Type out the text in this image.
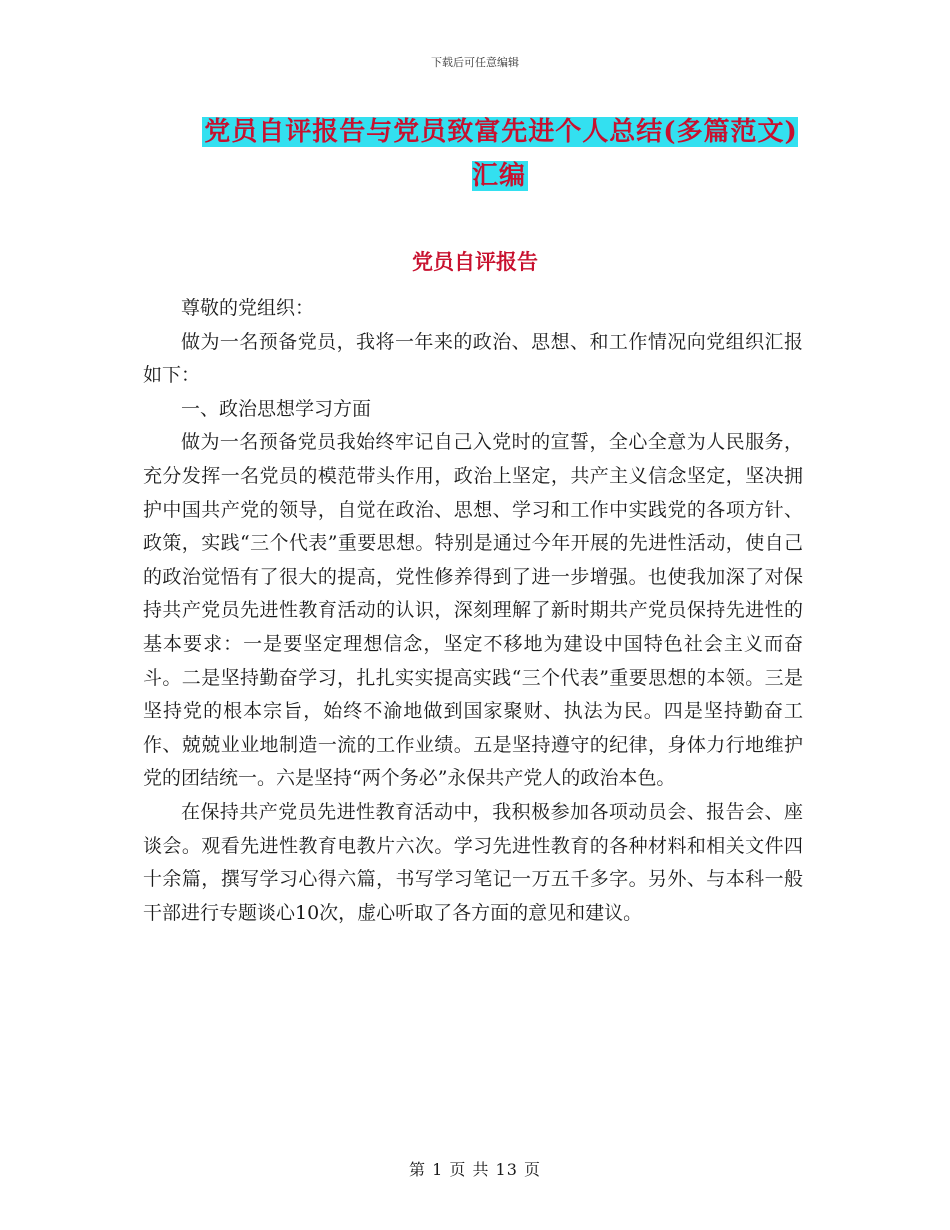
下载后可任意编辑
党员自评报告与党员致富先进个人总结(多篇范文)汇编
党员自评报告

尊敬的党组织：

做为一名预备党员，我将一年来的政治、思想、和工作情况向党组织汇报如下：

一、政治思想学习方面

做为一名预备党员我始终牢记自己入党时的宣誓，全心全意为人民服务，充分发挥一名党员的模范带头作用，政治上坚定，共产主义信念坚定，坚决拥护中国共产党的领导，自觉在政治、思想、学习和工作中实践党的各项方针、政策，实践“三个代表”重要思想。特别是通过今年开展的先进性活动，使自己的政治觉悟有了很大的提高，党性修养得到了进一步增强。也使我加深了对保持共产党员先进性教育活动的认识，深刻理解了新时期共产党员保持先进性的基本要求：一是要坚定理想信念，坚定不移地为建设中国特色社会主义而奋斗。二是坚持勤奋学习，扎扎实实提高实践“三个代表”重要思想的本领。三是坚持党的根本宗旨，始终不渝地做到国家聚财、执法为民。四是坚持勤奋工作、兢兢业业地制造一流的工作业绩。五是坚持遵守的纪律，身体力行地维护党的团结统一。六是坚持“两个务必”永保共产党人的政治本色。

在保持共产党员先进性教育活动中，我积极参加各项动员会、报告会、座谈会。观看先进性教育电教片六次。学习先进性教育的各种材料和相关文件四十余篇，撰写学习心得六篇，书写学习笔记一万五千多字。另外、与本科一般干部进行专题谈心10次，虚心听取了各方面的意见和建议。

第 1 页 共 13 页
